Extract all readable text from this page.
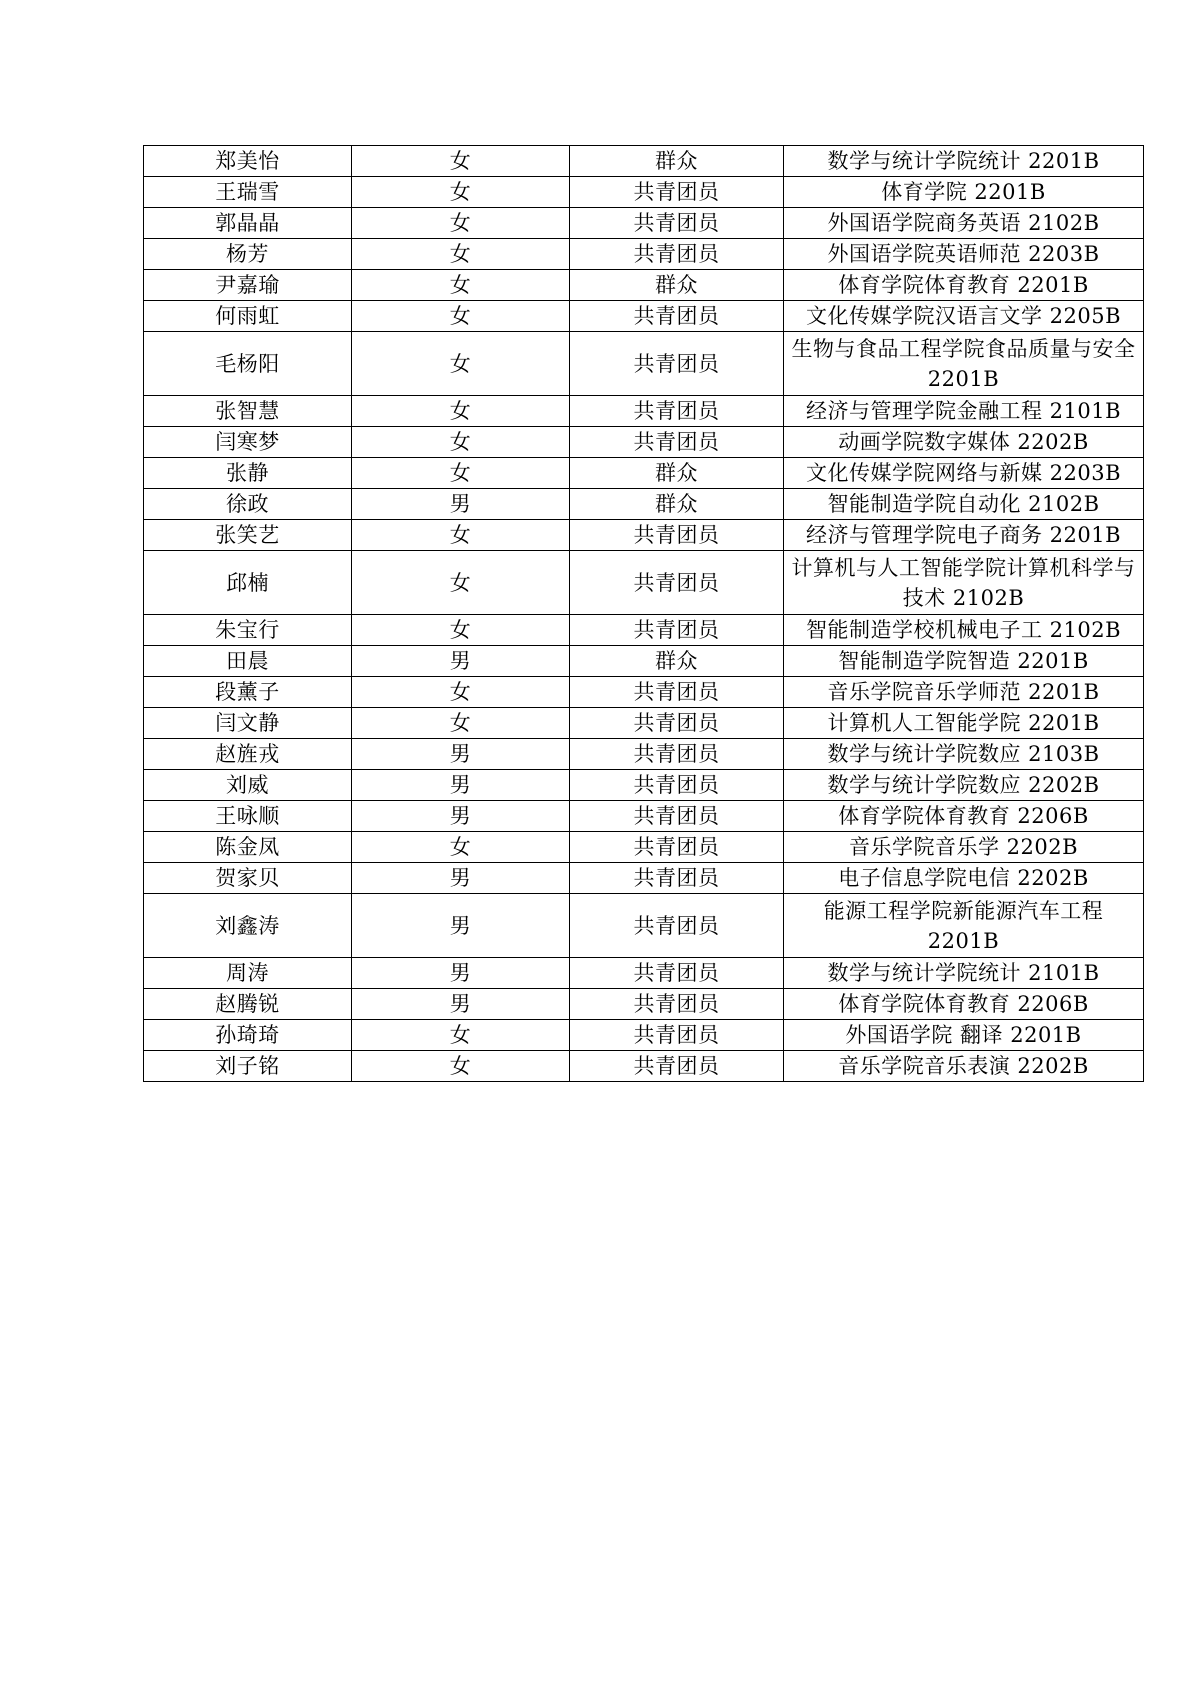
郑美怡	女	群众	数学与统计学院统计 2201B
王瑞雪	女	共青团员	体育学院 2201B
郭晶晶	女	共青团员	外国语学院商务英语 2102B
杨芳	女	共青团员	外国语学院英语师范 2203B
尹嘉瑜	女	群众	体育学院体育教育 2201B
何雨虹	女	共青团员	文化传媒学院汉语言文学 2205B
毛杨阳	女	共青团员	生物与食品工程学院食品质量与安全 2201B
张智慧	女	共青团员	经济与管理学院金融工程 2101B
闫寒梦	女	共青团员	动画学院数字媒体 2202B
张静	女	群众	文化传媒学院网络与新媒 2203B
徐政	男	群众	智能制造学院自动化 2102B
张笑艺	女	共青团员	经济与管理学院电子商务 2201B
邱楠	女	共青团员	计算机与人工智能学院计算机科学与技术 2102B
朱宝行	女	共青团员	智能制造学校机械电子工 2102B
田晨	男	群众	智能制造学院智造 2201B
段薰子	女	共青团员	音乐学院音乐学师范 2201B
闫文静	女	共青团员	计算机人工智能学院 2201B
赵旌戎	男	共青团员	数学与统计学院数应 2103B
刘威	男	共青团员	数学与统计学院数应 2202B
王咏顺	男	共青团员	体育学院体育教育 2206B
陈金凤	女	共青团员	音乐学院音乐学 2202B
贺家贝	男	共青团员	电子信息学院电信 2202B
刘鑫涛	男	共青团员	能源工程学院新能源汽车工程 2201B
周涛	男	共青团员	数学与统计学院统计 2101B
赵腾锐	男	共青团员	体育学院体育教育 2206B
孙琦琦	女	共青团员	外国语学院 翻译 2201B
刘子铭	女	共青团员	音乐学院音乐表演 2202B
